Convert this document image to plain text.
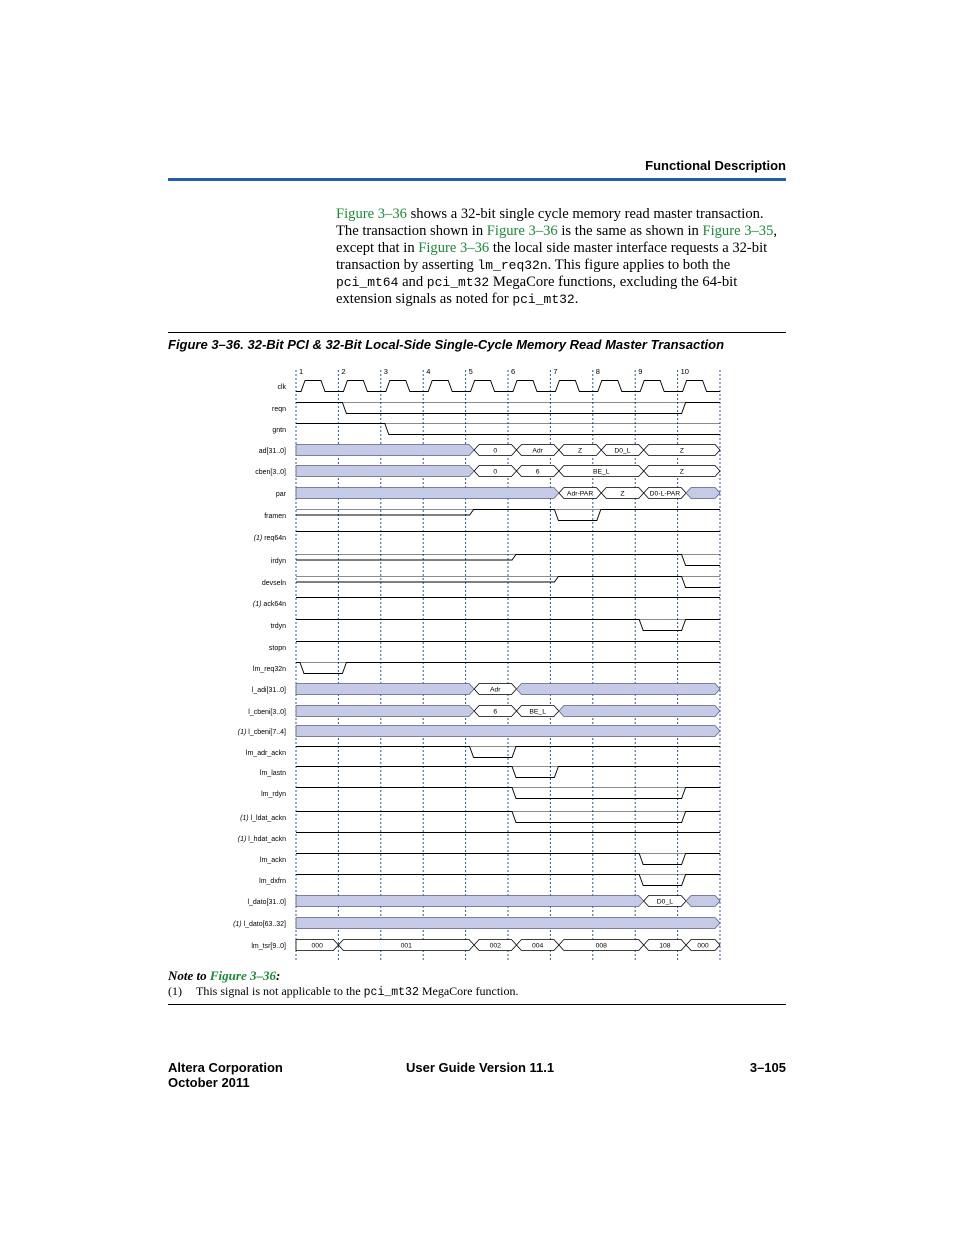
Functional Description
Figure 3–36 shows a 32-bit single cycle memory read master transaction. The transaction shown in Figure 3–36 is the same as shown in Figure 3–35, except that in Figure 3–36 the local side master interface requests a 32-bit transaction by asserting lm_req32n. This figure applies to both the pci_mt64 and pci_mt32 MegaCore functions, excluding the 64-bit extension signals as noted for pci_mt32.
Figure 3–36. 32-Bit PCI & 32-Bit Local-Side Single-Cycle Memory Read Master Transaction
1	2	3	4	5	6	7	8	9	10
clk
reqn
gntn
ad[31..0]	0	Adr	Z	D0_L	Z
cben[3..0]	0	6	BE_L	Z
par	Adr-PAR	Z	D0-L-PAR
framen
(1) req64n
irdyn
devseln
(1) ack64n
trdyn
stopn
lm_req32n
l_adi[31..0]	Adr
l_cbeni[3..0]	6	BE_L
(1) l_cbeni[7..4]
lm_adr_ackn
lm_lastn
lm_rdyn
(1) l_ldat_ackn
(1) l_hdat_ackn
lm_ackn
lm_dxfrn
l_dato[31..0]	D0_L
(1) l_dato[63..32]
lm_tsr[9..0]	000	001	002	004	008	108	000
Note to Figure 3–36:
(1) This signal is not applicable to the pci_mt32 MegaCore function.
Altera Corporation
October 2011
User Guide Version 11.1	3–105
